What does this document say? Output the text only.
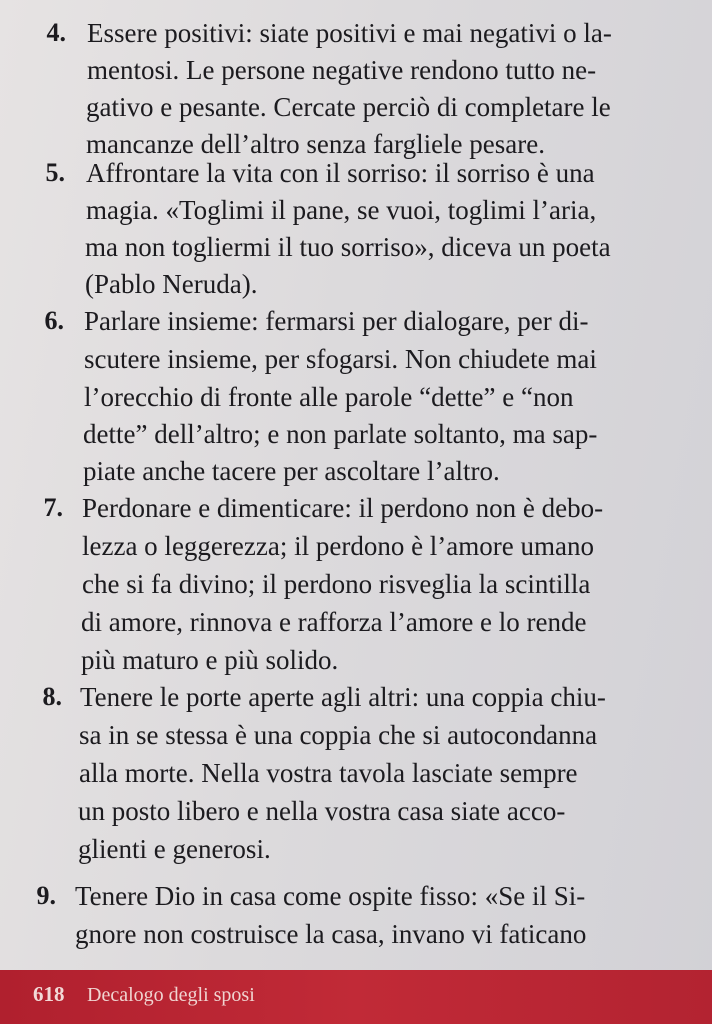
4. Essere positivi: siate positivi e mai negativi o la-
mentosi. Le persone negative rendono tutto ne-
gativo e pesante. Cercate perciò di completare le
mancanze dell’altro senza fargliele pesare.
5. Affrontare la vita con il sorriso: il sorriso è una
magia. «Toglimi il pane, se vuoi, toglimi l’aria,
ma non togliermi il tuo sorriso», diceva un poeta
(Pablo Neruda).
6. Parlare insieme: fermarsi per dialogare, per di-
scutere insieme, per sfogarsi. Non chiudete mai
l’orecchio di fronte alle parole “dette” e “non
dette” dell’altro; e non parlate soltanto, ma sap-
piate anche tacere per ascoltare l’altro.
7. Perdonare e dimenticare: il perdono non è debo-
lezza o leggerezza; il perdono è l’amore umano
che si fa divino; il perdono risveglia la scintilla
di amore, rinnova e rafforza l’amore e lo rende
più maturo e più solido.
8. Tenere le porte aperte agli altri: una coppia chiu-
sa in se stessa è una coppia che si autocondanna
alla morte. Nella vostra tavola lasciate sempre
un posto libero e nella vostra casa siate acco-
glienti e generosi.
9. Tenere Dio in casa come ospite fisso: «Se il Si-
gnore non costruisce la casa, invano vi faticano
618 Decalogo degli sposi
